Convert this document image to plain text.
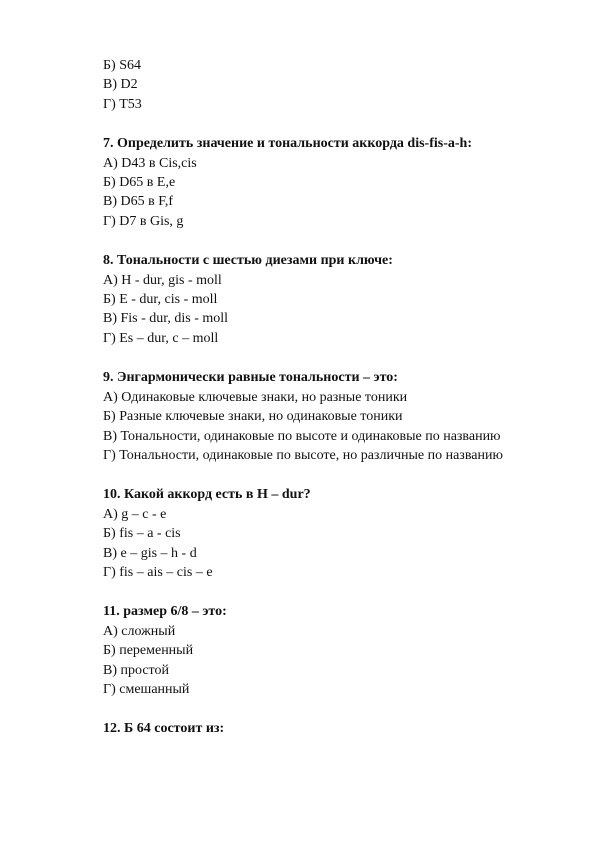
Б) S64
В) D2
Г) T53
7. Определить значение и тональности аккорда dis-fis-a-h:
А) D43 в Cis,cis
Б) D65 в E,e
В) D65 в F,f
Г) D7 в Gis, g
8. Тональности с шестью диезами при ключе:
А) H - dur, gis - moll
Б) E - dur, cis - moll
В) Fis - dur, dis - moll
Г) Es – dur, c – moll
9. Энгармонически равные тональности – это:
А) Одинаковые ключевые знаки, но разные тоники
Б) Разные ключевые знаки, но одинаковые тоники
В) Тональности, одинаковые по высоте и одинаковые по названию
Г) Тональности, одинаковые по высоте, но различные по названию
10. Какой аккорд есть в H – dur?
А) g – c - e
Б) fis – a - cis
В) e – gis – h - d
Г) fis – ais – cis – e
11. размер 6/8 – это:
А) сложный
Б) переменный
В) простой
Г) смешанный
12. Б 64 состоит из:
